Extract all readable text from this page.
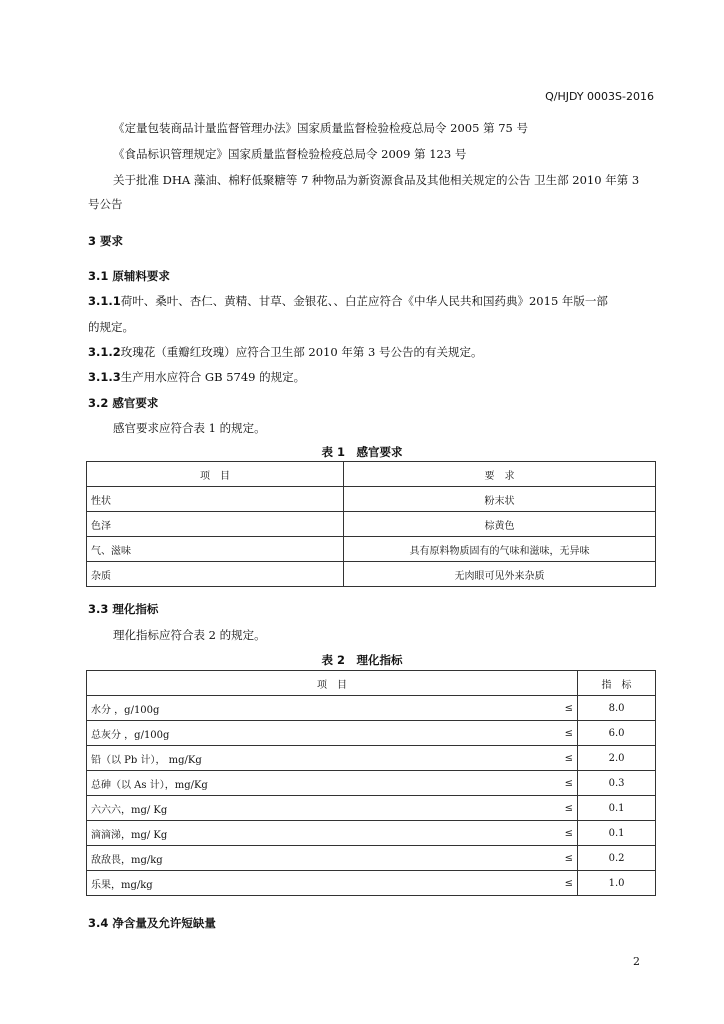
Q/HJDY 0003S-2016
《定量包装商品计量监督管理办法》国家质量监督检验检疫总局令 2005 第 75 号
《食品标识管理规定》国家质量监督检验检疫总局令 2009 第 123 号
关于批准 DHA 藻油、棉籽低聚糖等 7 种物品为新资源食品及其他相关规定的公告 卫生部 2010 年第 3
号公告
3 要求
3.1 原辅料要求
3.1.1荷叶、桑叶、杏仁、黄精、甘草、金银花、、白芷应符合《中华人民共和国药典》2015 年版一部
的规定。
3.1.2玫瑰花（重瓣红玫瑰）应符合卫生部 2010 年第 3 号公告的有关规定。
3.1.3生产用水应符合 GB 5749 的规定。
3.2 感官要求
感官要求应符合表 1 的规定。
表 1　感官要求
项　目	要　求
性状	粉末状
色泽	棕黄色
气、滋味	具有原料物质固有的气味和滋味，无异味
杂质	无肉眼可见外来杂质
3.3 理化指标
理化指标应符合表 2 的规定。
表 2　理化指标
项　目		指　标
水分 ，g/100g	≤	8.0
总灰分 ，g/100g	≤	6.0
铅（以 Pb 计）， mg/Kg	≤	2.0
总砷（以 As 计），mg/Kg	≤	0.3
六六六，mg/ Kg	≤	0.1
滴滴涕，mg/ Kg	≤	0.1
敌敌畏，mg/kg	≤	0.2
乐果，mg/kg	≤	1.0
3.4 净含量及允许短缺量
2
